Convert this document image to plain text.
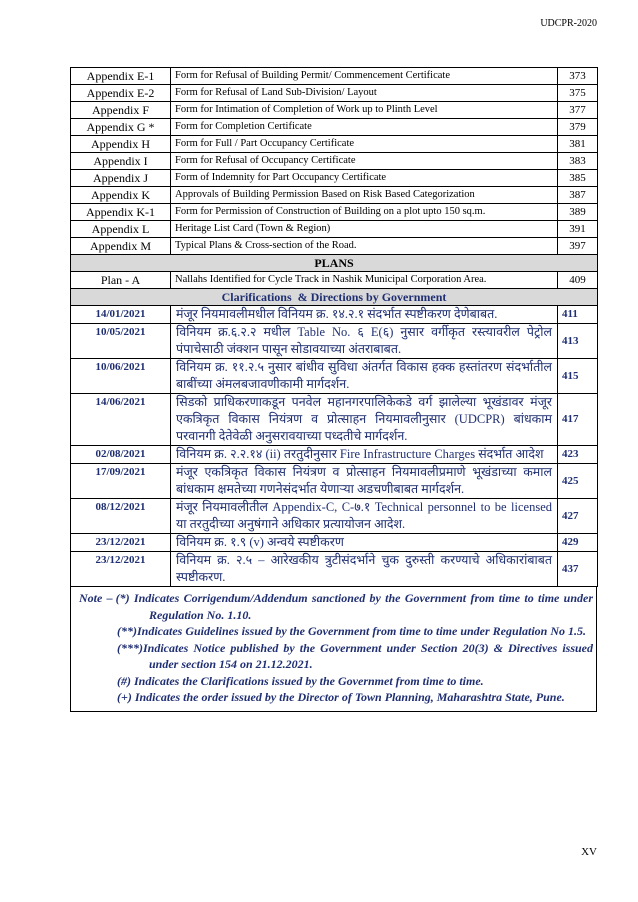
UDCPR-2020
Appendix E-1	Form for Refusal of Building Permit/ Commencement Certificate	373
Appendix E-2	Form for Refusal of Land Sub-Division/ Layout	375
Appendix F	Form for Intimation of Completion of Work up to Plinth Level	377
Appendix G *	Form for Completion Certificate	379
Appendix H	Form for Full / Part Occupancy Certificate	381
Appendix I	Form for Refusal of Occupancy Certificate	383
Appendix J	Form of Indemnity for Part Occupancy Certificate	385
Appendix K	Approvals of Building Permission Based on Risk Based Categorization	387
Appendix K-1	Form for Permission of Construction of Building on a plot upto 150 sq.m.	389
Appendix L	Heritage List Card (Town & Region)	391
Appendix M	Typical Plans & Cross-section of the Road.	397
PLANS		
Plan - A	Nallahs Identified for Cycle Track in Nashik Municipal Corporation Area.	409
Clarifications  & Directions by Government		
14/01/2021	मंजूर नियमावलीमधील विनियम क्र. १४.२.१ संदर्भात स्पष्टीकरण देणेबाबत.	411
10/05/2021	विनियम क्र.६.२.२ मधील Table No. ६ E(६) नुसार वर्गीकृत रस्त्यावरील पेट्रोल पंपाचेसाठी जंक्शन पासून सोडावयाच्या अंतराबाबत.	413
10/06/2021	विनियम क्र. ११.२.५ नुसार बांधीव सुविधा अंतर्गत विकास हक्क हस्तांतरण संदर्भातील बाबींच्या अंमलबजावणीकामी मार्गदर्शन.	415
14/06/2021	सिडको प्राधिकरणाकडून पनवेल महानगरपालिकेकडे वर्ग झालेल्या भूखंडावर मंजूर एकत्रिकृत विकास नियंत्रण व प्रोत्साहन नियमावलीनुसार (UDCPR) बांधकाम परवानगी देतेवेळी अनुसरावयाच्या पध्दतीचे मार्गदर्शन.	417
02/08/2021	विनियम क्र. २.२.१४ (ii) तरतुदीनुसार Fire Infrastructure Charges संदर्भात आदेश	423
17/09/2021	मंजूर एकत्रिकृत विकास नियंत्रण व प्रोत्साहन नियमावलीप्रमाणे भूखंडाच्या कमाल बांधकाम क्षमतेच्या गणनेसंदर्भात येणाऱ्या अडचणीबाबत मार्गदर्शन.	425
08/12/2021	मंजूर नियमावलीतील Appendix-C, C-७.१ Technical personnel to be licensed या तरतुदीच्या अनुषंगाने अधिकार प्रत्यायोजन आदेश.	427
23/12/2021	विनियम क्र. १.९ (v) अन्वये स्पष्टीकरण	429
23/12/2021	विनियम क्र. २.५ – आरेखकीय त्रुटीसंदर्भाने चुक दुरुस्ती करण्याचे अधिकारांबाबत स्पष्टीकरण.	437
Note – (*) Indicates Corrigendum/Addendum sanctioned by the Government from time to time under Regulation No. 1.10.
(**)Indicates Guidelines issued by the Government from time to time under Regulation No 1.5.
(***)Indicates Notice published by the Government under Section 20(3) & Directives issued under section 154 on 21.12.2021.
(#) Indicates the Clarifications issued by the Governmet from time to time.
(+) Indicates the order issued by the Director of Town Planning, Maharashtra State, Pune.
XV
